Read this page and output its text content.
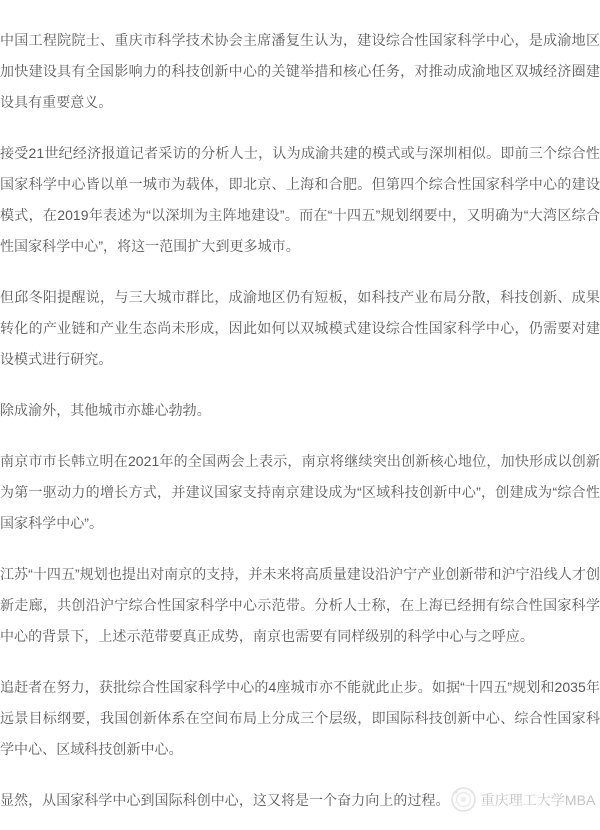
中国工程院院士、重庆市科学技术协会主席潘复生认为，建设综合性国家科学中心，是成渝地区加快建设具有全国影响力的科技创新中心的关键举措和核心任务，对推动成渝地区双城经济圈建设具有重要意义。

接受21世纪经济报道记者采访的分析人士，认为成渝共建的模式或与深圳相似。即前三个综合性国家科学中心皆以单一城市为载体，即北京、上海和合肥。但第四个综合性国家科学中心的建设模式，在2019年表述为“以深圳为主阵地建设”。而在“十四五”规划纲要中，又明确为“大湾区综合性国家科学中心”，将这一范围扩大到更多城市。

但邱冬阳提醒说，与三大城市群比，成渝地区仍有短板，如科技产业布局分散，科技创新、成果转化的产业链和产业生态尚未形成，因此如何以双城模式建设综合性国家科学中心，仍需要对建设模式进行研究。

除成渝外，其他城市亦雄心勃勃。

南京市市长韩立明在2021年的全国两会上表示，南京将继续突出创新核心地位，加快形成以创新为第一驱动力的增长方式，并建议国家支持南京建设成为“区域科技创新中心”，创建成为“综合性国家科学中心”。

江苏“十四五”规划也提出对南京的支持，并未来将高质量建设沿沪宁产业创新带和沪宁沿线人才创新走廊，共创沿沪宁综合性国家科学中心示范带。分析人士称，在上海已经拥有综合性国家科学中心的背景下，上述示范带要真正成势，南京也需要有同样级别的科学中心与之呼应。

追赶者在努力，获批综合性国家科学中心的4座城市亦不能就此止步。如据“十四五”规划和2035年远景目标纲要，我国创新体系在空间布局上分成三个层级，即国际科技创新中心、综合性国家科学中心、区域科技创新中心。

显然，从国家科学中心到国际科创中心，这又将是一个奋力向上的过程。 重庆理工大学MBA
